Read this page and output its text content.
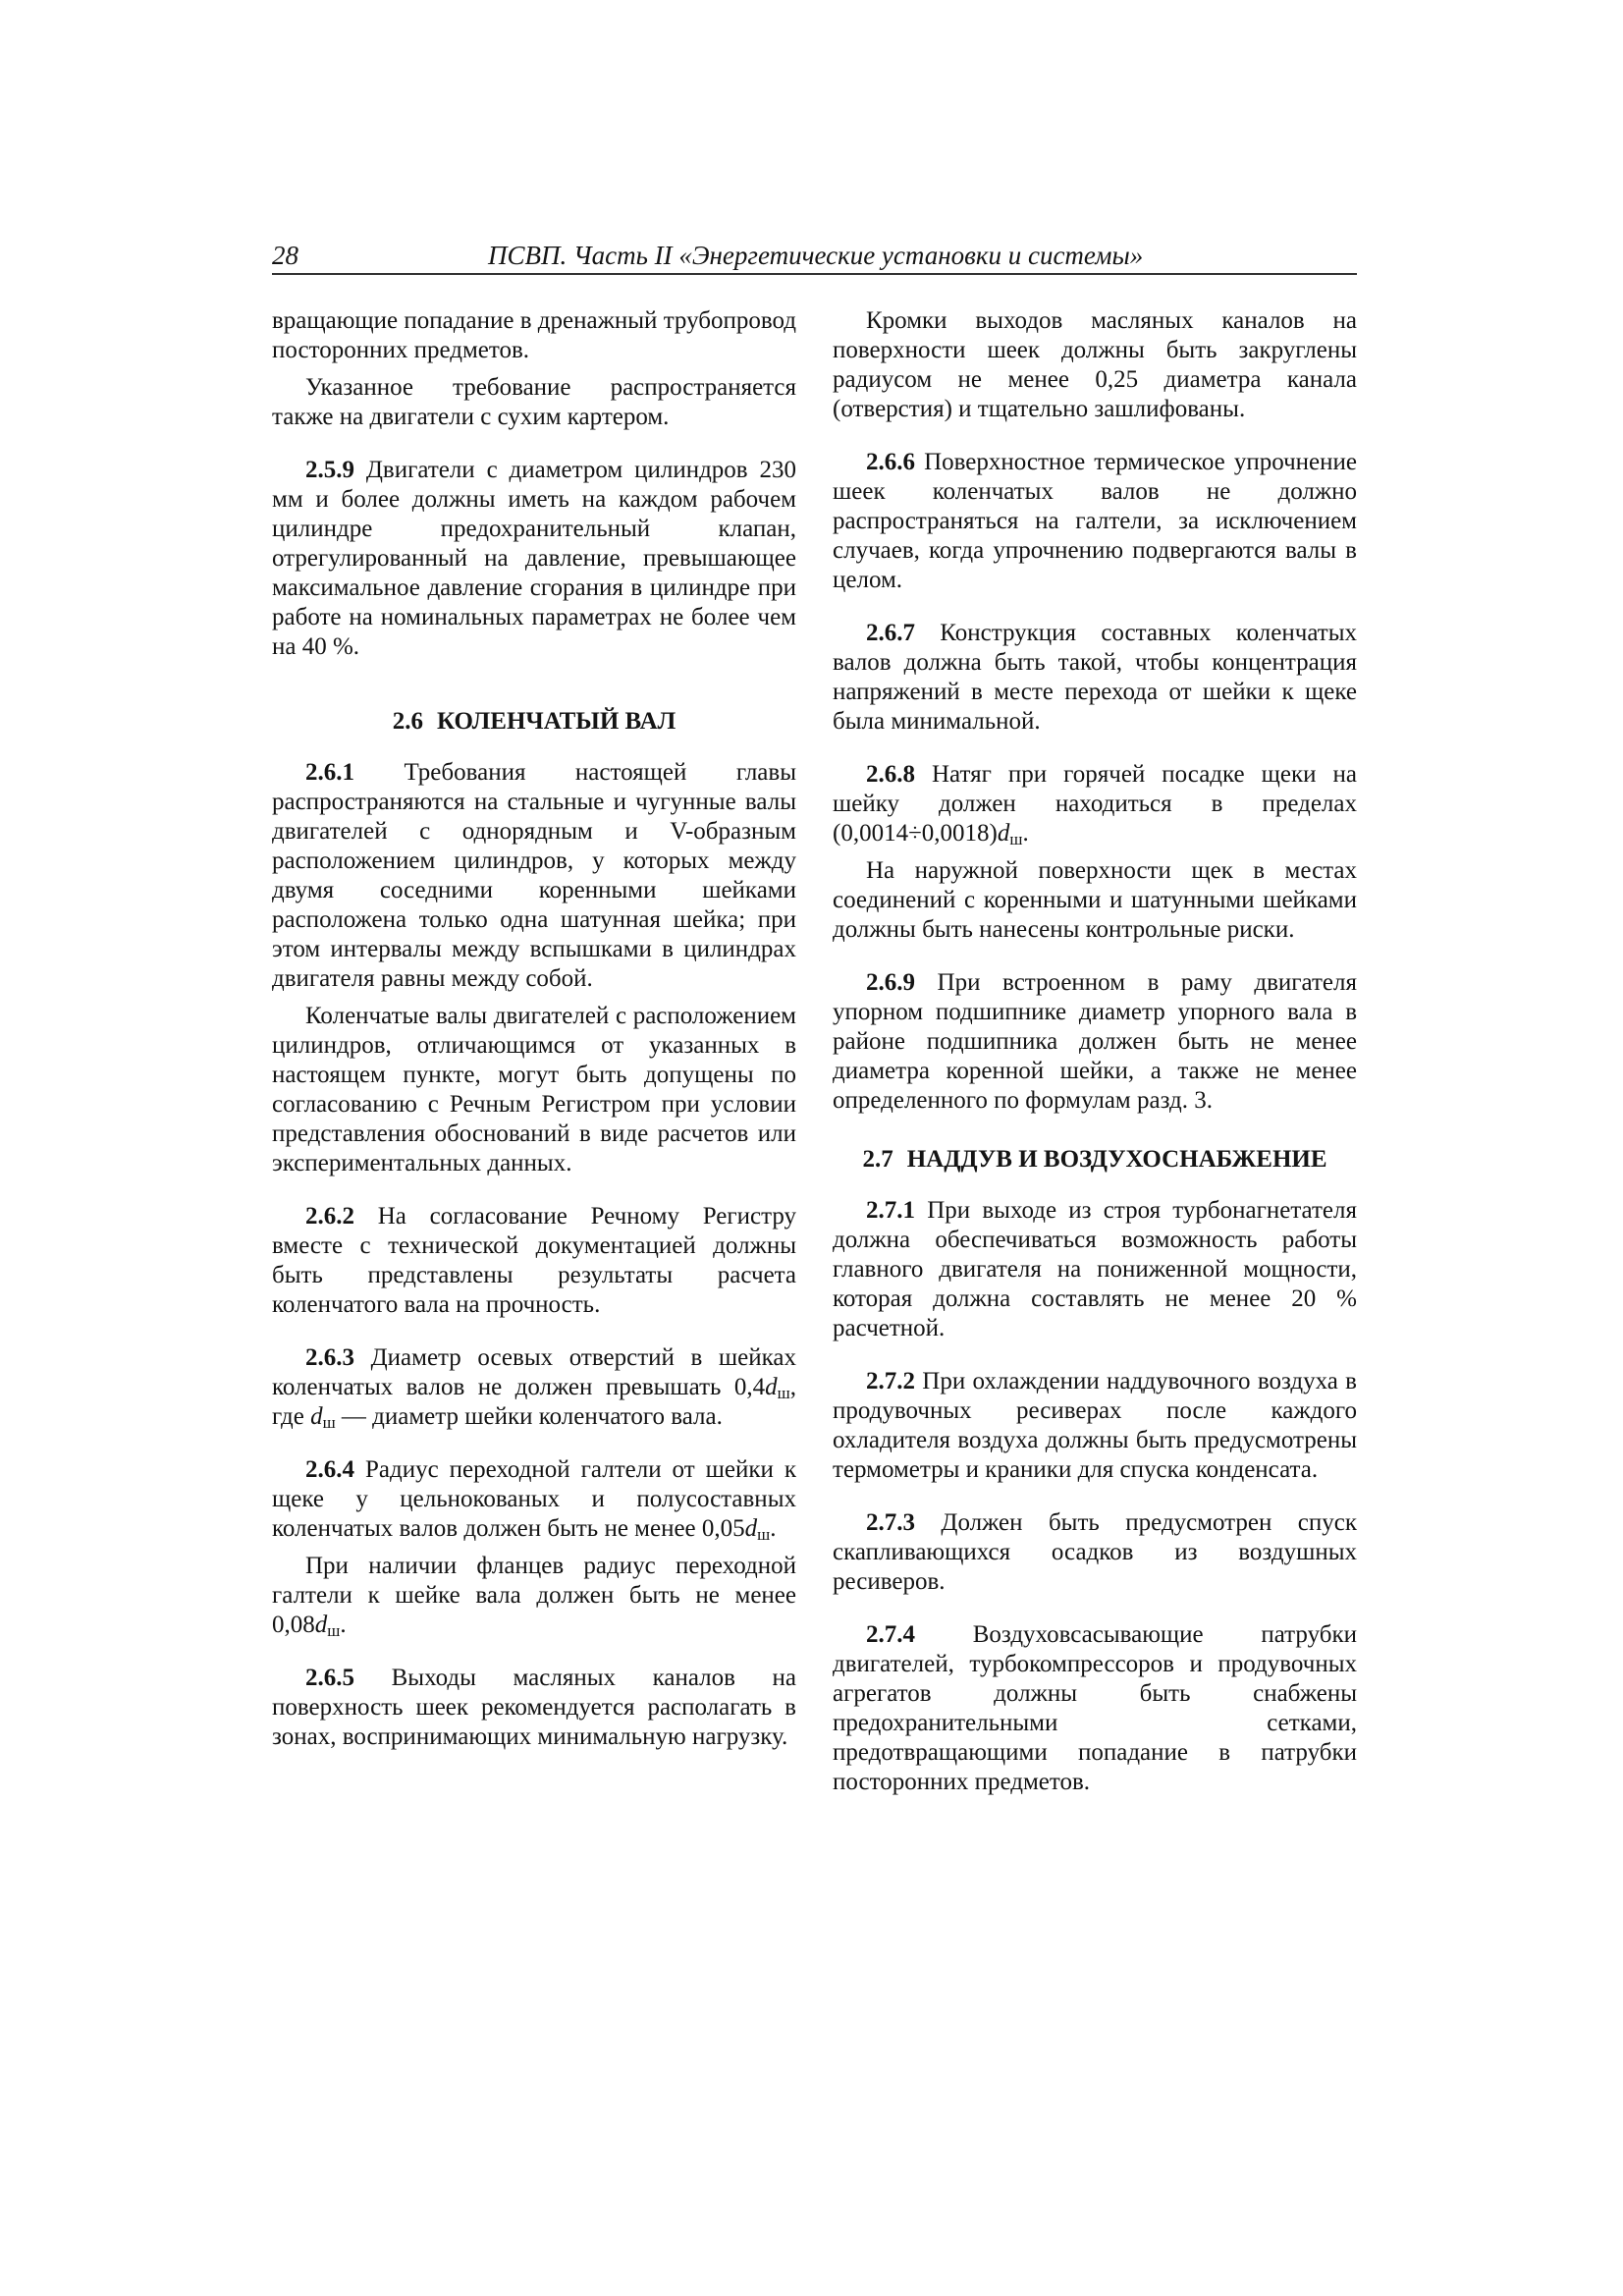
28	ПСВП. Часть II «Энергетические установки и системы»

вращающие попадание в дренажный трубопровод посторонних предметов.

Указанное требование распространяется также на двигатели с сухим картером.

2.5.9 Двигатели с диаметром цилиндров 230 мм и более должны иметь на каждом рабочем цилиндре предохранительный клапан, отрегулированный на давление, превышающее максимальное давление сгорания в цилиндре при работе на номинальных параметрах не более чем на 40 %.

2.6 КОЛЕНЧАТЫЙ ВАЛ

2.6.1 Требования настоящей главы распространяются на стальные и чугунные валы двигателей с однорядным и V-образным расположением цилиндров, у которых между двумя соседними коренными шейками расположена только одна шатунная шейка; при этом интервалы между вспышками в цилиндрах двигателя равны между собой.

Коленчатые валы двигателей с расположением цилиндров, отличающимся от указанных в настоящем пункте, могут быть допущены по согласованию с Речным Регистром при условии представления обоснований в виде расчетов или экспериментальных данных.

2.6.2 На согласование Речному Регистру вместе с технической документацией должны быть представлены результаты расчета коленчатого вала на прочность.

2.6.3 Диаметр осевых отверстий в шейках коленчатых валов не должен превышать $0,4d_ш$, где $d_ш$ — диаметр шейки коленчатого вала.

2.6.4 Радиус переходной галтели от шейки к щеке у цельнокованых и полусоставных коленчатых валов должен быть не менее $0,05d_ш$.

При наличии фланцев радиус переходной галтели к шейке вала должен быть не менее $0,08d_ш$.

2.6.5 Выходы масляных каналов на поверхность шеек рекомендуется располагать в зонах, воспринимающих минимальную нагрузку.

Кромки выходов масляных каналов на поверхности шеек должны быть закруглены радиусом не менее 0,25 диаметра канала (отверстия) и тщательно зашлифованы.

2.6.6 Поверхностное термическое упрочнение шеек коленчатых валов не должно распространяться на галтели, за исключением случаев, когда упрочнению подвергаются валы в целом.

2.6.7 Конструкция составных коленчатых валов должна быть такой, чтобы концентрация напряжений в месте перехода от шейки к щеке была минимальной.

2.6.8 Натяг при горячей посадке щеки на шейку должен находиться в пределах $(0,0014\div 0,0018)d_ш$.

На наружной поверхности щек в местах соединений с коренными и шатунными шейками должны быть нанесены контрольные риски.

2.6.9 При встроенном в раму двигателя упорном подшипнике диаметр упорного вала в районе подшипника должен быть не менее диаметра коренной шейки, а также не менее определенного по формулам разд. 3.

2.7 НАДДУВ И ВОЗДУХОСНАБЖЕНИЕ

2.7.1 При выходе из строя турбонагнетателя должна обеспечиваться возможность работы главного двигателя на пониженной мощности, которая должна составлять не менее 20 % расчетной.

2.7.2 При охлаждении наддувочного воздуха в продувочных ресиверах после каждого охладителя воздуха должны быть предусмотрены термометры и краники для спуска конденсата.

2.7.3 Должен быть предусмотрен спуск скапливающихся осадков из воздушных ресиверов.

2.7.4 Воздуховсасывающие патрубки двигателей, турбокомпрессоров и продувочных агрегатов должны быть снабжены предохранительными сетками, предотвращающими попадание в патрубки посторонних предметов.
